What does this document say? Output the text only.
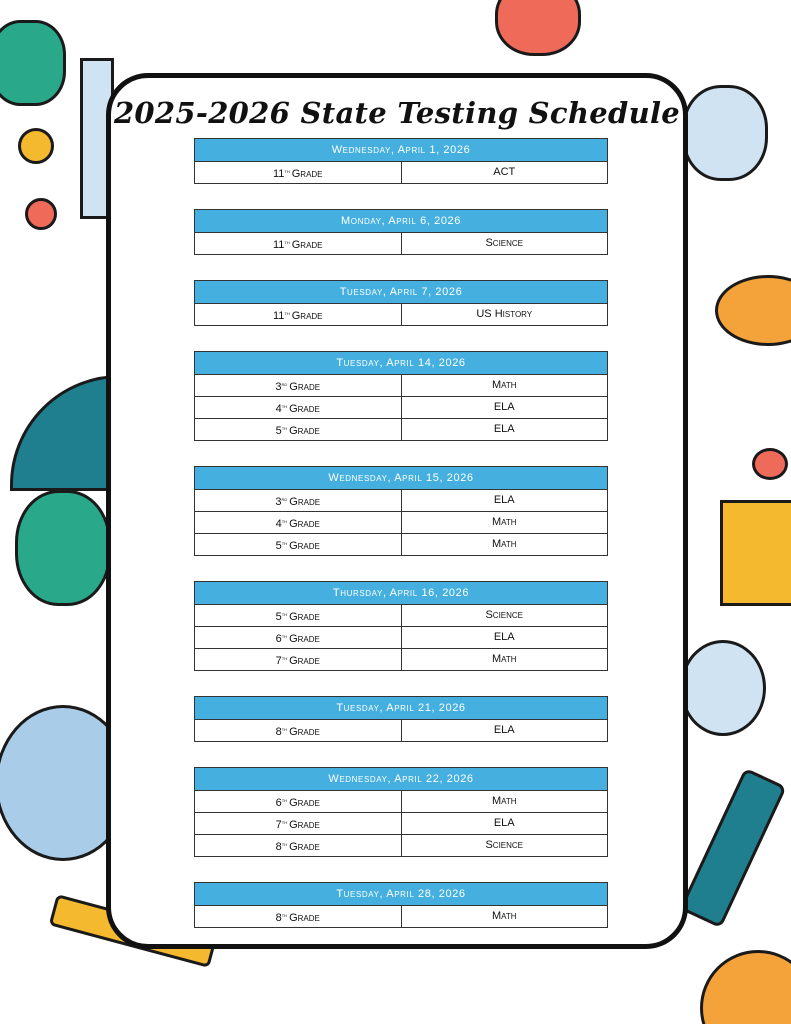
2025-2026 State Testing Schedule
Wednesday, April 1, 2026
11th Grade	ACT
Monday, April 6, 2026
11th Grade	Science
Tuesday, April 7, 2026
11th Grade	US History
Tuesday, April 14, 2026
3rd Grade	Math
4th Grade	ELA
5th Grade	ELA
Wednesday, April 15, 2026
3rd Grade	ELA
4th Grade	Math
5th Grade	Math
Thursday, April 16, 2026
5th Grade	Science
6th Grade	ELA
7th Grade	Math
Tuesday, April 21, 2026
8th Grade	ELA
Wednesday, April 22, 2026
6th Grade	Math
7th Grade	ELA
8th Grade	Science
Tuesday, April 28, 2026
8th Grade	Math
